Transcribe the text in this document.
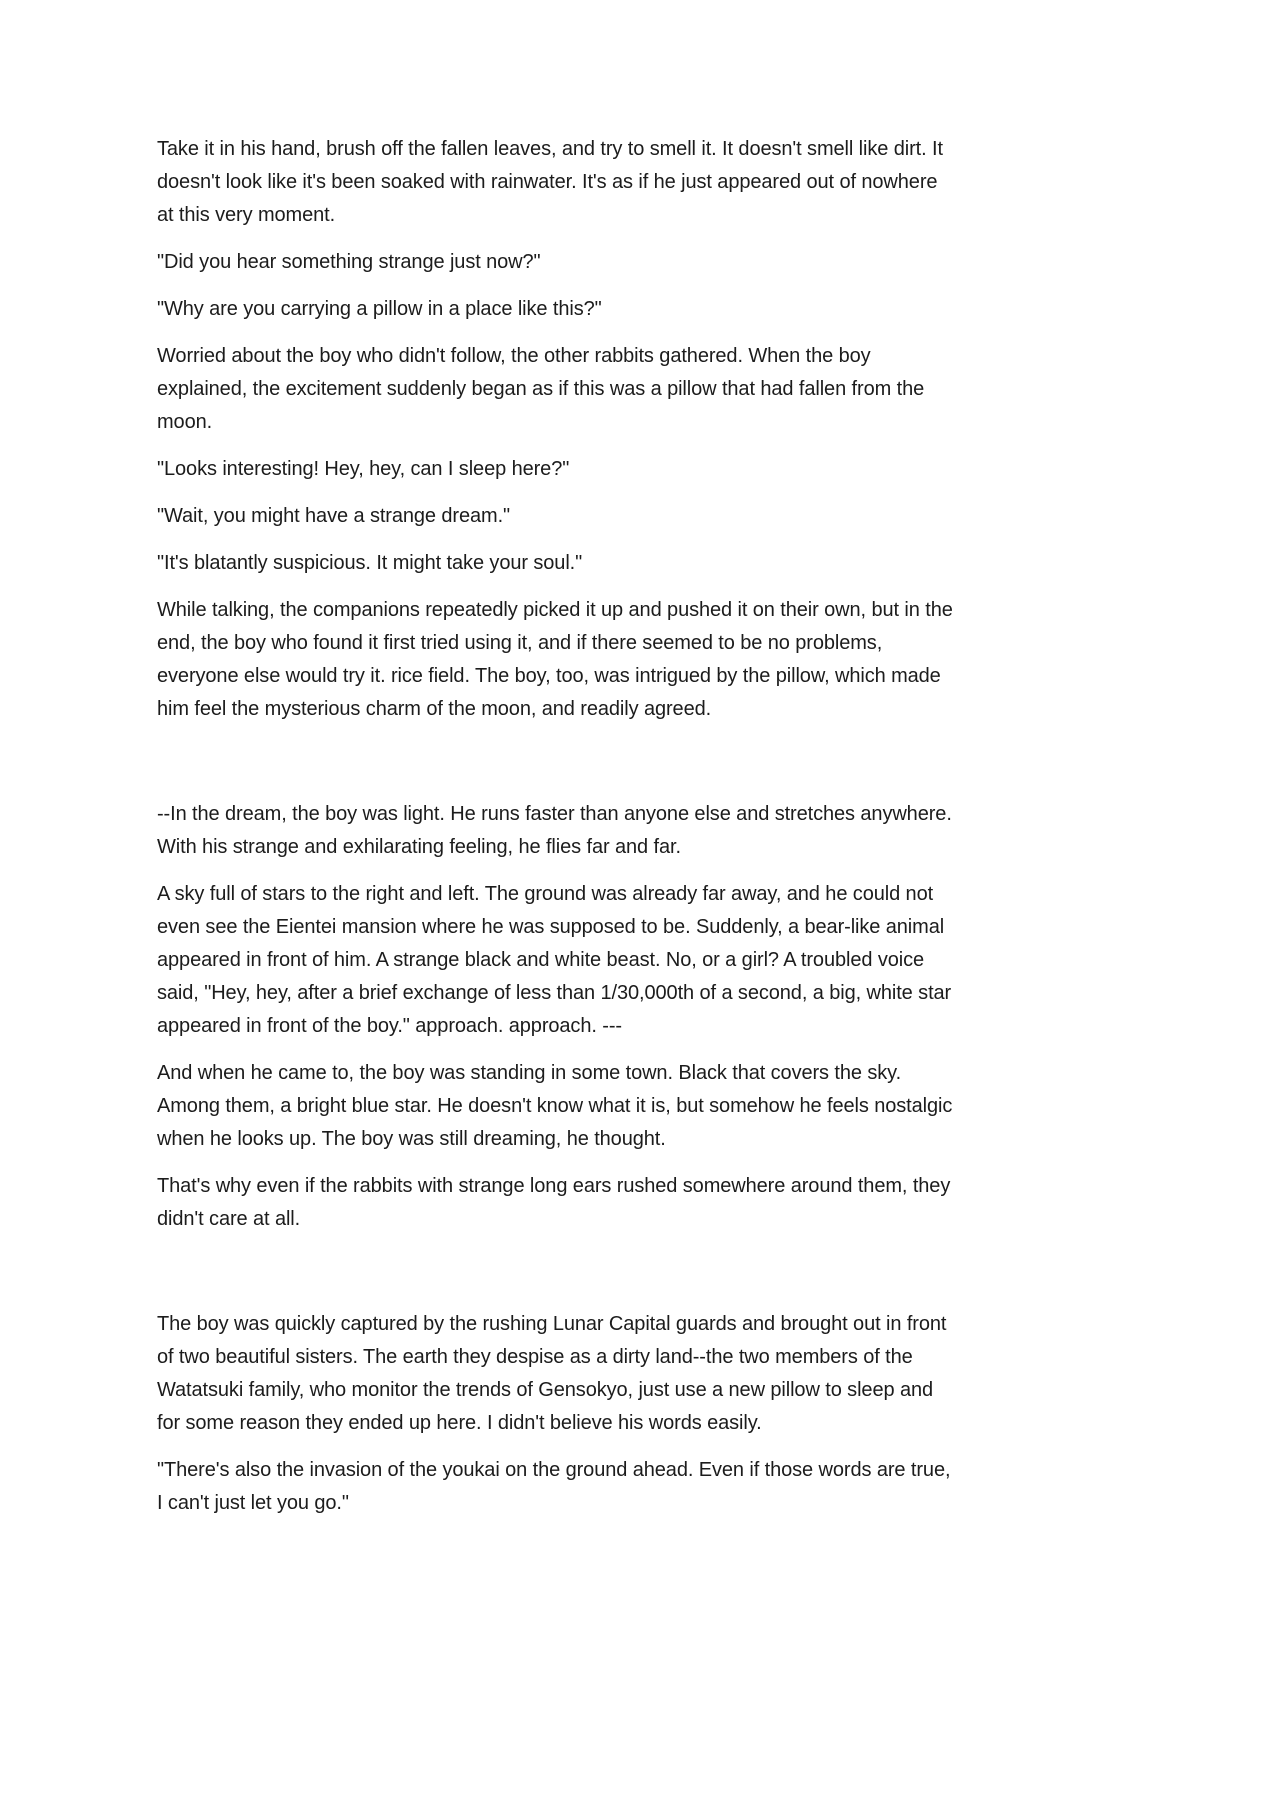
Take it in his hand, brush off the fallen leaves, and try to smell it. It doesn't smell like dirt. It doesn't look like it's been soaked with rainwater. It's as if he just appeared out of nowhere at this very moment.

"Did you hear something strange just now?"

"Why are you carrying a pillow in a place like this?"

Worried about the boy who didn't follow, the other rabbits gathered. When the boy explained, the excitement suddenly began as if this was a pillow that had fallen from the moon.

"Looks interesting! Hey, hey, can I sleep here?"

"Wait, you might have a strange dream."

"It's blatantly suspicious. It might take your soul."

While talking, the companions repeatedly picked it up and pushed it on their own, but in the end, the boy who found it first tried using it, and if there seemed to be no problems, everyone else would try it. rice field. The boy, too, was intrigued by the pillow, which made him feel the mysterious charm of the moon, and readily agreed.

--In the dream, the boy was light. He runs faster than anyone else and stretches anywhere. With his strange and exhilarating feeling, he flies far and far.

A sky full of stars to the right and left. The ground was already far away, and he could not even see the Eientei mansion where he was supposed to be. Suddenly, a bear-like animal appeared in front of him. A strange black and white beast. No, or a girl? A troubled voice said, "Hey, hey, after a brief exchange of less than 1/30,000th of a second, a big, white star appeared in front of the boy." approach. approach. ---

And when he came to, the boy was standing in some town. Black that covers the sky. Among them, a bright blue star. He doesn't know what it is, but somehow he feels nostalgic when he looks up. The boy was still dreaming, he thought.

That's why even if the rabbits with strange long ears rushed somewhere around them, they didn't care at all.

The boy was quickly captured by the rushing Lunar Capital guards and brought out in front of two beautiful sisters. The earth they despise as a dirty land--the two members of the Watatsuki family, who monitor the trends of Gensokyo, just use a new pillow to sleep and for some reason they ended up here. I didn't believe his words easily.

"There's also the invasion of the youkai on the ground ahead. Even if those words are true, I can't just let you go."
